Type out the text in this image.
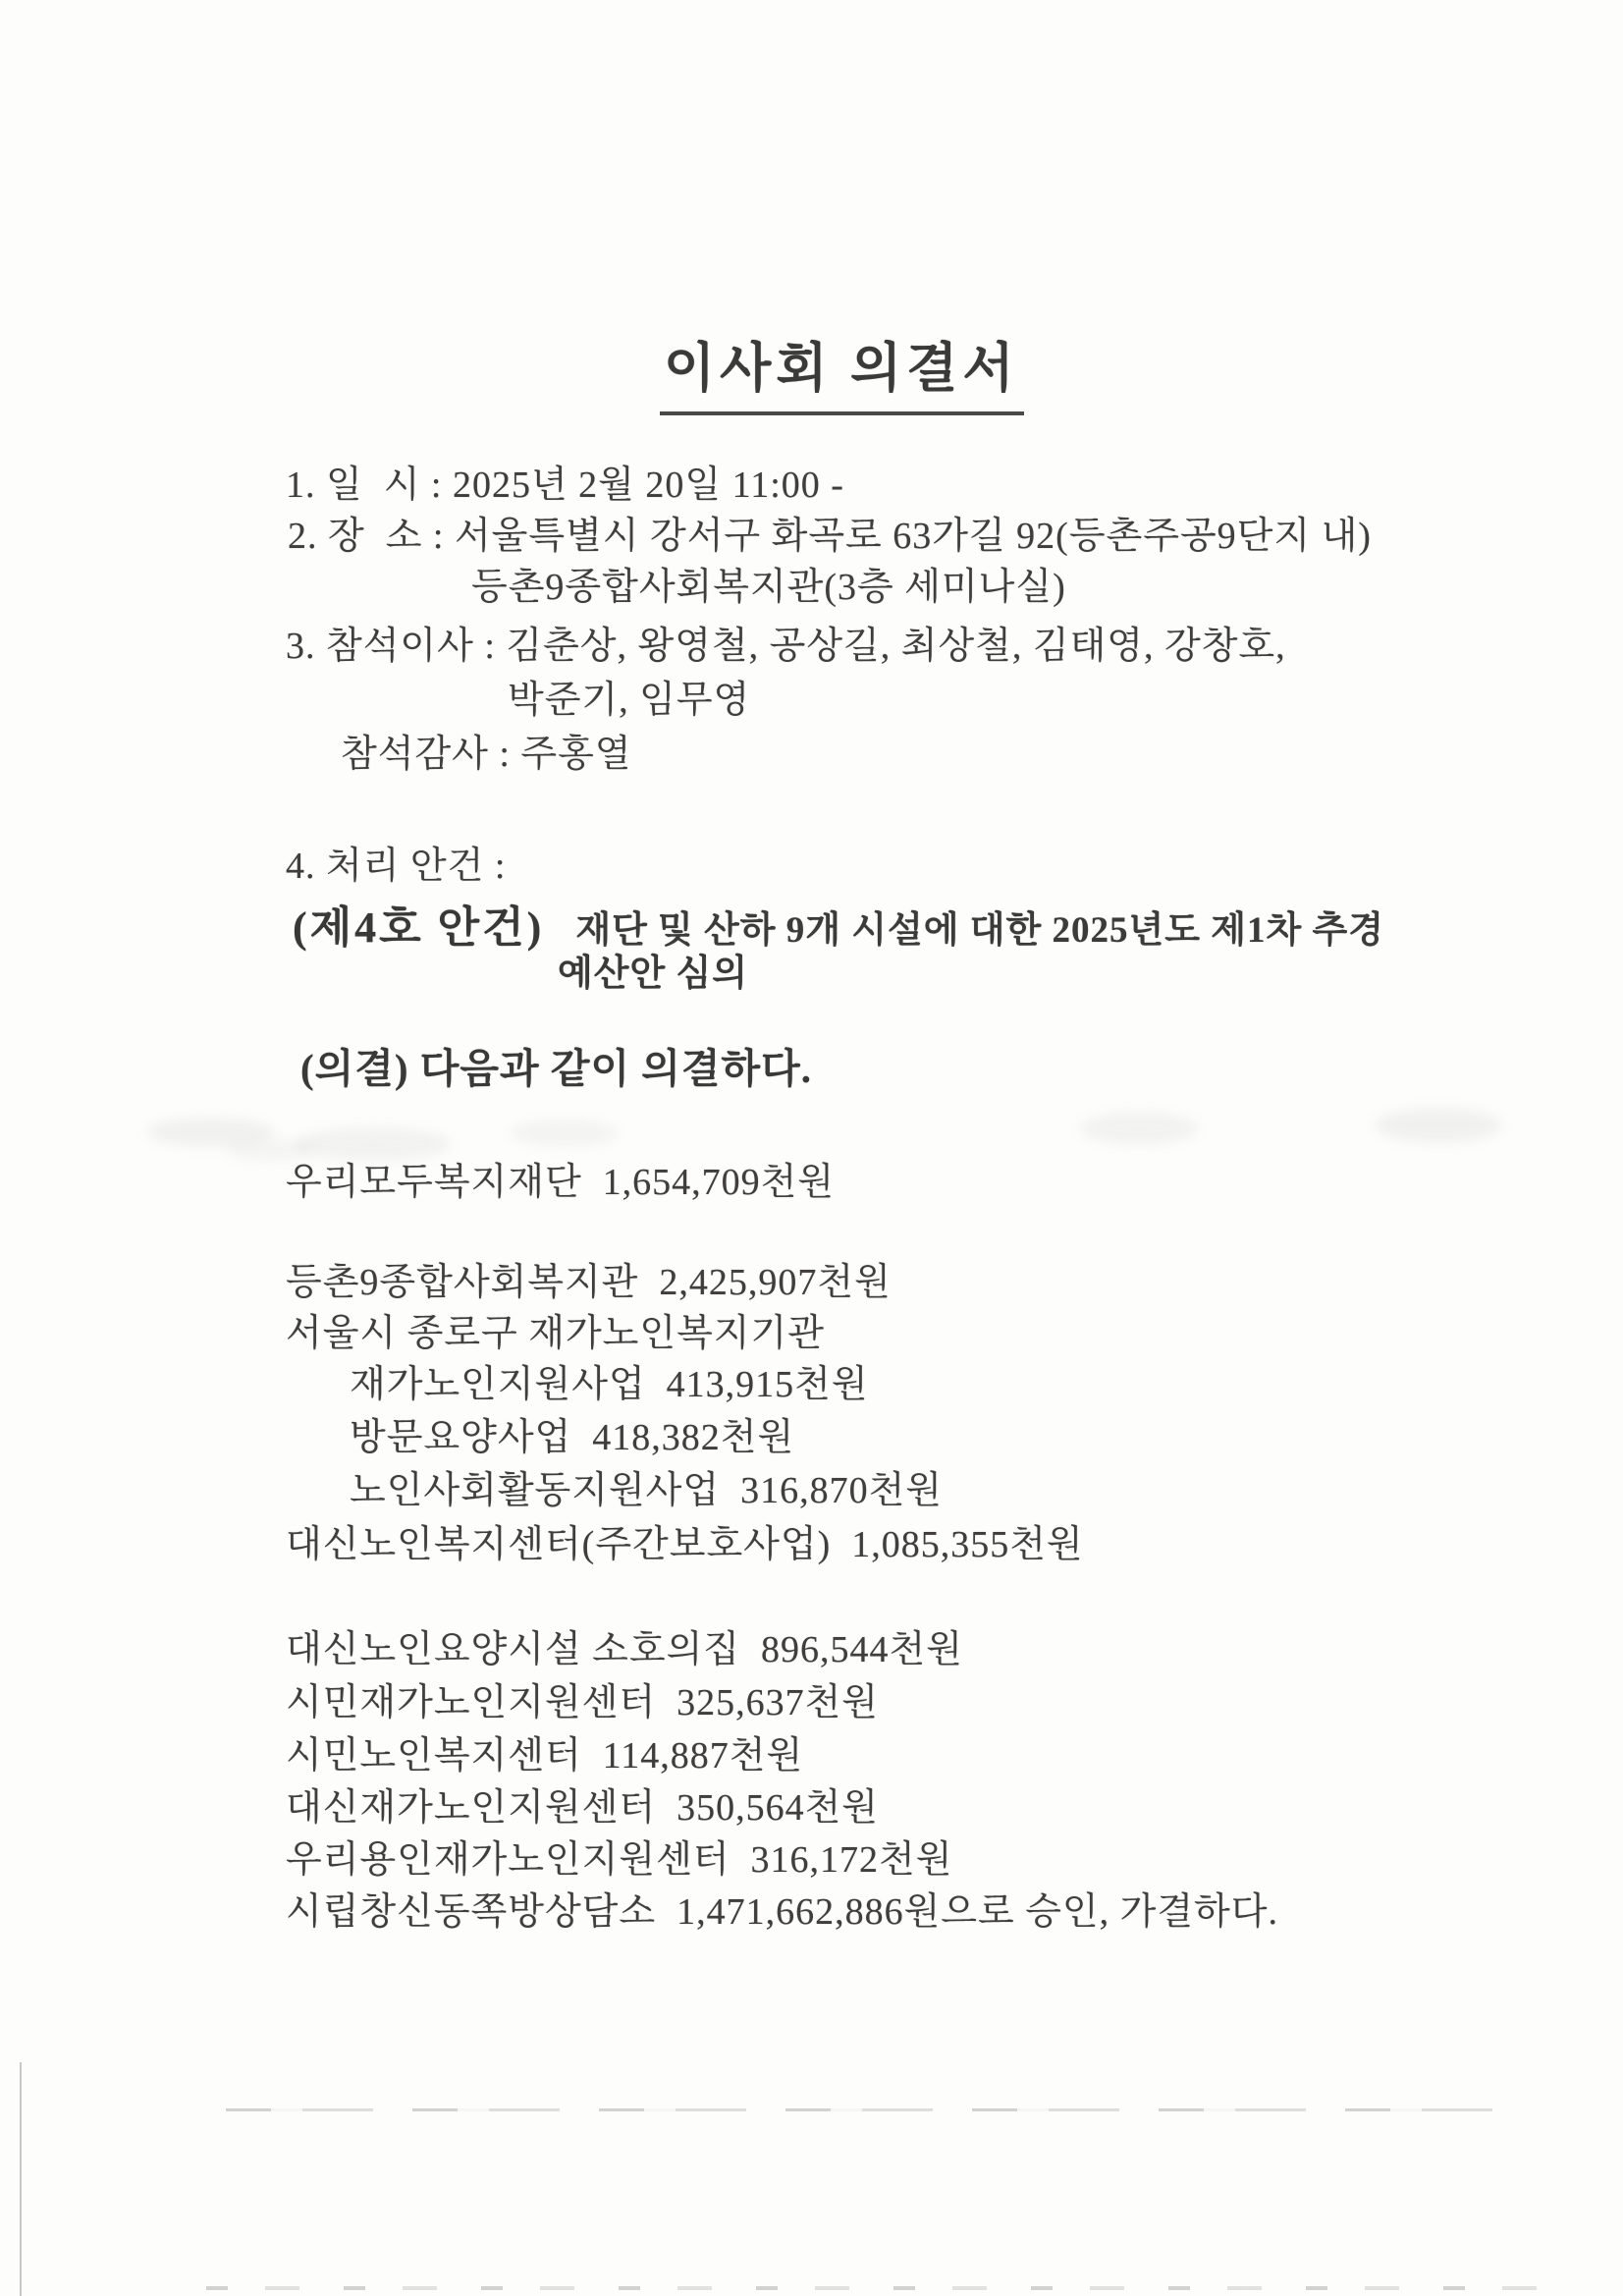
이사회 의결서
1. 일  시 : 2025년 2월 20일 11:00 -
2. 장  소 : 서울특별시 강서구 화곡로 63가길 92(등촌주공9단지 내)
등촌9종합사회복지관(3층 세미나실)
3. 참석이사 : 김춘상, 왕영철, 공상길, 최상철, 김태영, 강창호,
박준기, 임무영
참석감사 : 주홍열
4. 처리 안건 :
(제4호 안건) 재단 및 산하 9개 시설에 대한 2025년도 제1차 추경
예산안 심의
(의결) 다음과 같이 의결하다.
우리모두복지재단  1,654,709천원
등촌9종합사회복지관  2,425,907천원
서울시 종로구 재가노인복지기관
재가노인지원사업  413,915천원
방문요양사업  418,382천원
노인사회활동지원사업  316,870천원
대신노인복지센터(주간보호사업)  1,085,355천원
대신노인요양시설 소호의집  896,544천원
시민재가노인지원센터  325,637천원
시민노인복지센터  114,887천원
대신재가노인지원센터  350,564천원
우리용인재가노인지원센터  316,172천원
시립창신동쪽방상담소  1,471,662,886원으로 승인, 가결하다.
